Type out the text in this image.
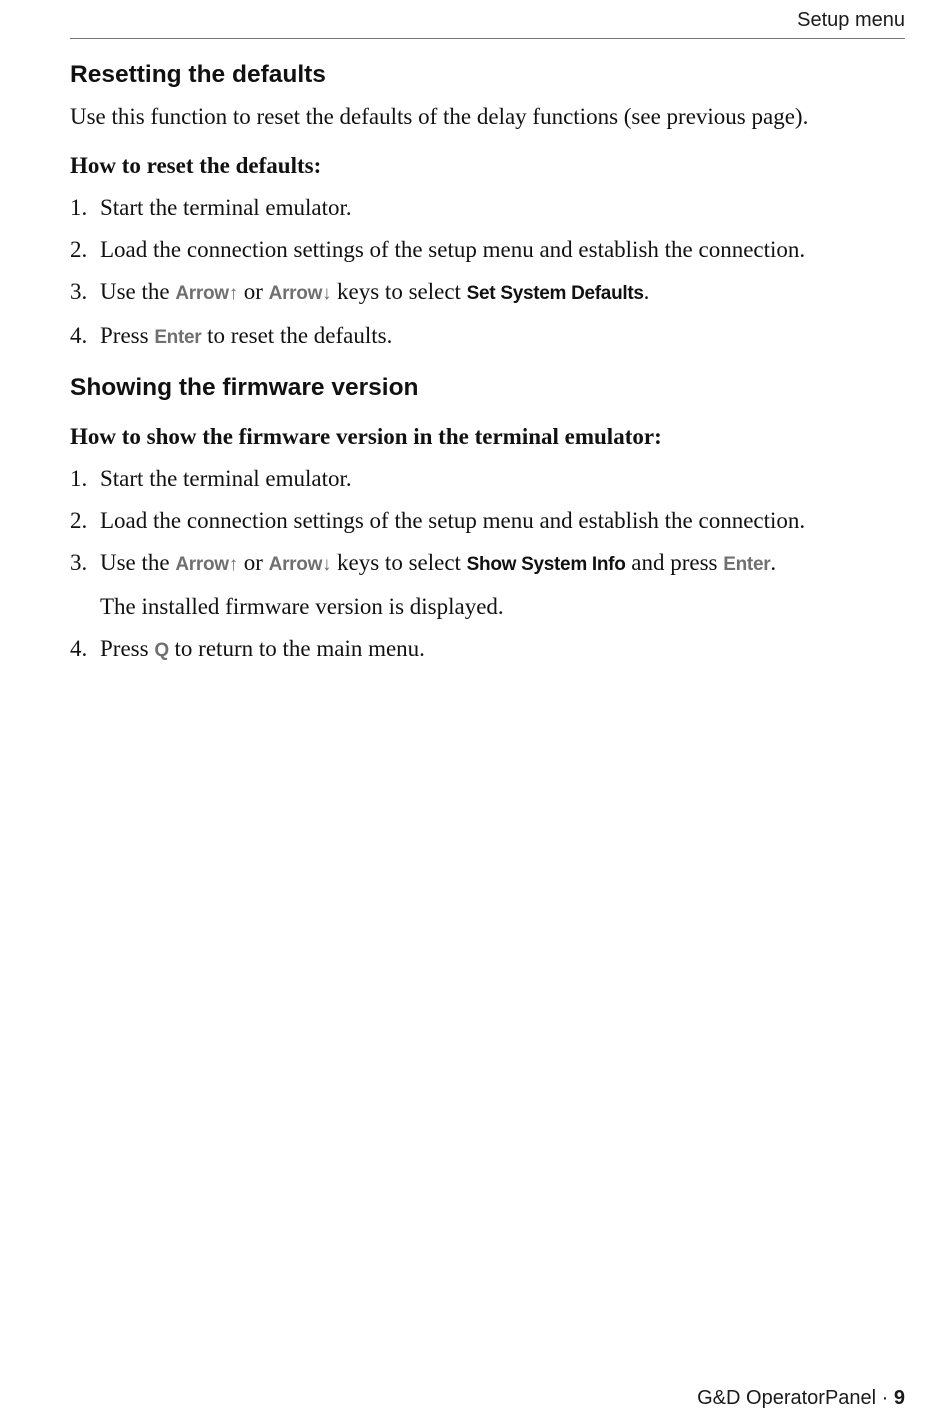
Setup menu
Resetting the defaults

Use this function to reset the defaults of the delay functions (see previous page).

How to reset the defaults:

1. Start the terminal emulator.
2. Load the connection settings of the setup menu and establish the connection.
3. Use the Arrow↑ or Arrow↓ keys to select Set System Defaults.
4. Press Enter to reset the defaults.
Showing the firmware version

How to show the firmware version in the terminal emulator:

1. Start the terminal emulator.
2. Load the connection settings of the setup menu and establish the connection.
3. Use the Arrow↑ or Arrow↓ keys to select Show System Info and press Enter.
The installed firmware version is displayed.
4. Press Q to return to the main menu.
G&D OperatorPanel · 9
